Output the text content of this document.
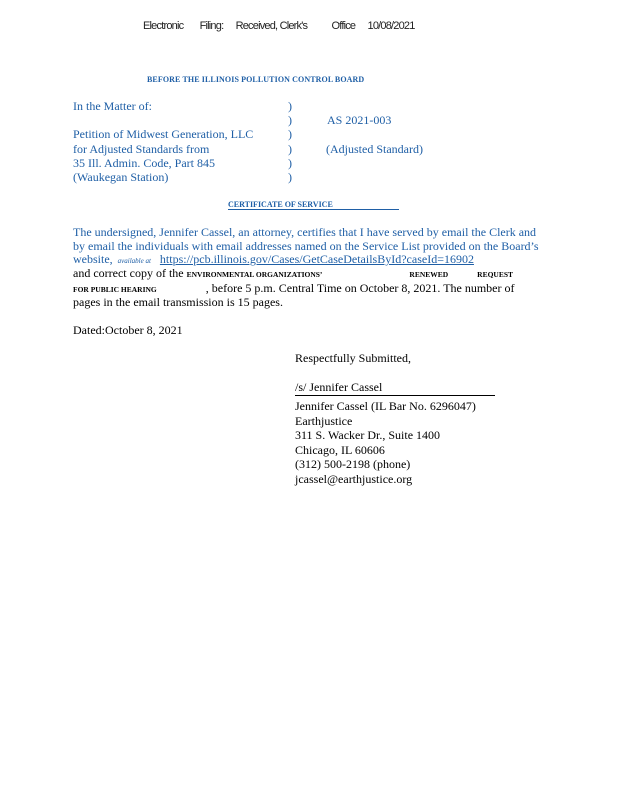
Electronic Filing: Received, Clerk's Office 10/08/2021
BEFORE THE ILLINOIS POLLUTION CONTROL BOARD
In the Matter of:
Petition of Midwest Generation, LLC
for Adjusted Standards from
35 Ill. Admin. Code, Part 845
(Waukegan Station)
)
)
)
)
)
)
AS 2021-003
(Adjusted Standard)
CERTIFICATE OF SERVICE
The undersigned, Jennifer Cassel, an attorney, certifies that I have served by email the Clerk and
by email the individuals with email addresses named on the Service List provided on the Board’s
website, available at https://pcb.illinois.gov/Cases/GetCaseDetailsById?caseId=16902
and correct copy of the ENVIRONMENTAL ORGANIZATIONS’	RENEWED	REQUEST
FOR PUBLIC HEARING	, before 5 p.m. Central Time on October 8, 2021. The number of
pages in the email transmission is 15 pages.
Dated:October 8, 2021
Respectfully Submitted,
/s/ Jennifer Cassel
Jennifer Cassel (IL Bar No. 6296047)
Earthjustice
311 S. Wacker Dr., Suite 1400
Chicago, IL 60606
(312) 500-2198 (phone)
jcassel@earthjustice.org
